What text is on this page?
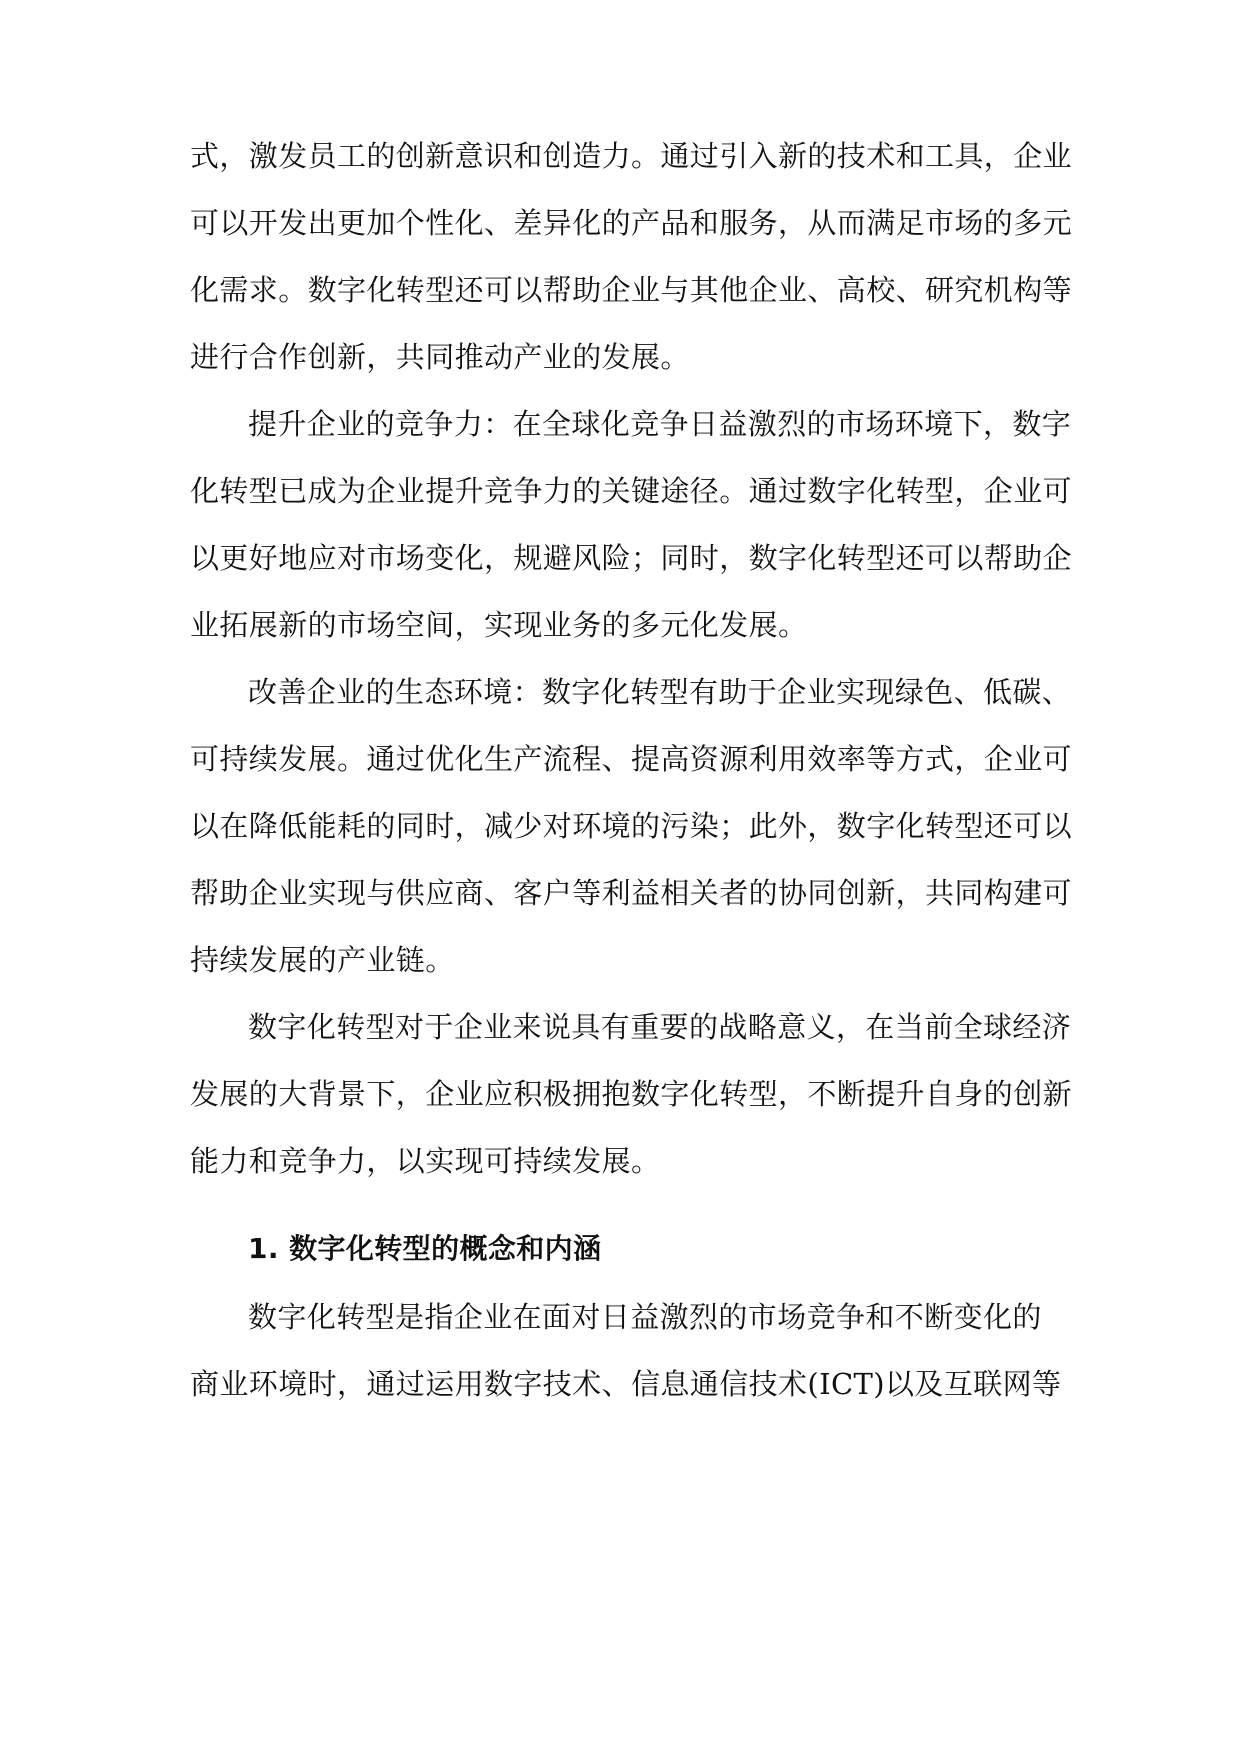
式，激发员工的创新意识和创造力。通过引入新的技术和工具，企业
可以开发出更加个性化、差异化的产品和服务，从而满足市场的多元
化需求。数字化转型还可以帮助企业与其他企业、高校、研究机构等
进行合作创新，共同推动产业的发展。
提升企业的竞争力：在全球化竞争日益激烈的市场环境下，数字
化转型已成为企业提升竞争力的关键途径。通过数字化转型，企业可
以更好地应对市场变化，规避风险；同时，数字化转型还可以帮助企
业拓展新的市场空间，实现业务的多元化发展。
改善企业的生态环境：数字化转型有助于企业实现绿色、低碳、
可持续发展。通过优化生产流程、提高资源利用效率等方式，企业可
以在降低能耗的同时，减少对环境的污染；此外，数字化转型还可以
帮助企业实现与供应商、客户等利益相关者的协同创新，共同构建可
持续发展的产业链。
数字化转型对于企业来说具有重要的战略意义，在当前全球经济
发展的大背景下，企业应积极拥抱数字化转型，不断提升自身的创新
能力和竞争力，以实现可持续发展。
1. 数字化转型的概念和内涵
数字化转型是指企业在面对日益激烈的市场竞争和不断变化的
商业环境时，通过运用数字技术、信息通信技术(ICT)以及互联网等
